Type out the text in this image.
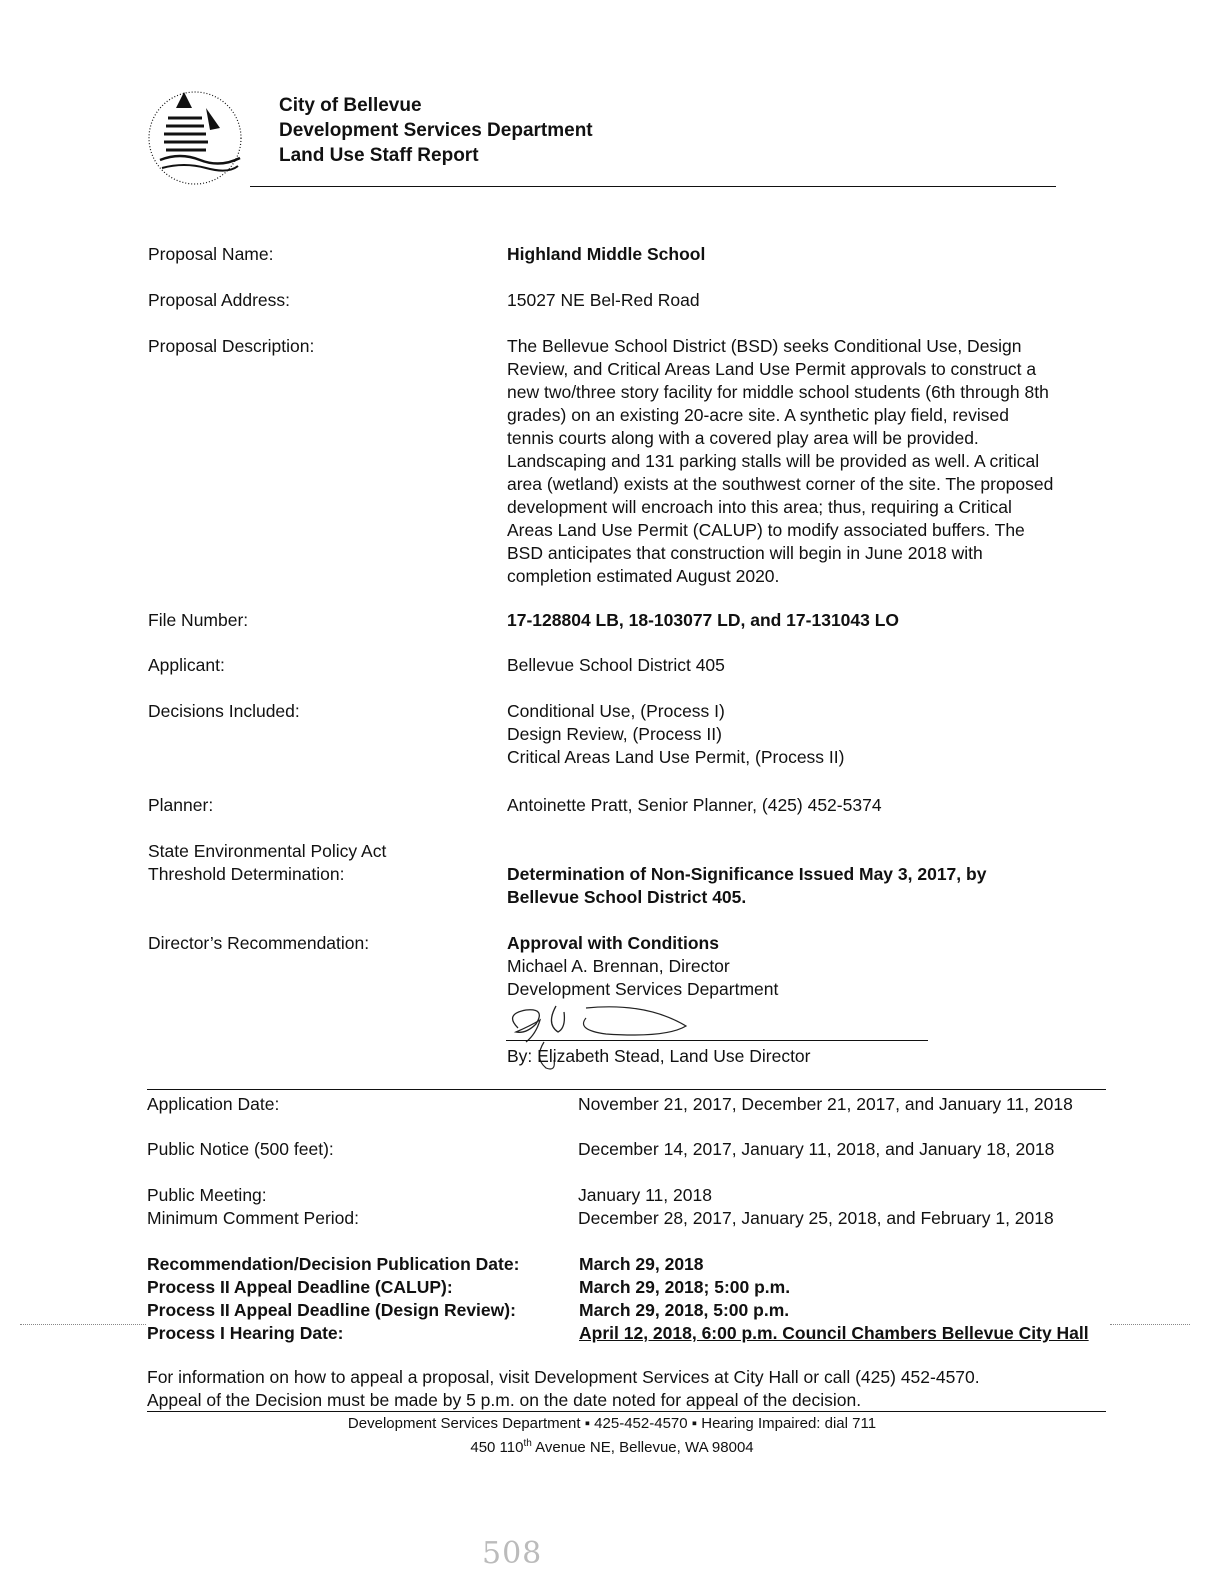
CITY OF BELLEVUE WASHINGTON
City of Bellevue
Development Services Department
Land Use Staff Report
Proposal Name:	Highland Middle School
Proposal Address:	15027 NE Bel-Red Road
Proposal Description:	The Bellevue School District (BSD) seeks Conditional Use, Design
Review, and Critical Areas Land Use Permit approvals to construct a
new two/three story facility for middle school students (6th through 8th
grades) on an existing 20-acre site. A synthetic play field, revised
tennis courts along with a covered play area will be provided.
Landscaping and 131 parking stalls will be provided as well. A critical
area (wetland) exists at the southwest corner of the site. The proposed
development will encroach into this area; thus, requiring a Critical
Areas Land Use Permit (CALUP) to modify associated buffers. The
BSD anticipates that construction will begin in June 2018 with
completion estimated August 2020.
File Number:	17-128804 LB, 18-103077 LD, and 17-131043 LO
Applicant:	Bellevue School District 405
Decisions Included:	Conditional Use, (Process I)
Design Review, (Process II)
Critical Areas Land Use Permit, (Process II)
Planner:	Antoinette Pratt, Senior Planner, (425) 452-5374
State Environmental Policy Act
Threshold Determination:	Determination of Non-Significance Issued May 3, 2017, by
Bellevue School District 405.
Director’s Recommendation:	Approval with Conditions
Michael A. Brennan, Director
Development Services Department
By: Elizabeth Stead, Land Use Director
Application Date:	November 21, 2017, December 21, 2017, and January 11, 2018
Public Notice (500 feet):	December 14, 2017, January 11, 2018, and January 18, 2018
Public Meeting:	January 11, 2018
Minimum Comment Period:	December 28, 2017, January 25, 2018, and February 1, 2018
Recommendation/Decision Publication Date:	March 29, 2018
Process II Appeal Deadline (CALUP):	March 29, 2018; 5:00 p.m.
Process II Appeal Deadline (Design Review):	March 29, 2018, 5:00 p.m.
Process I Hearing Date:	April 12, 2018, 6:00 p.m. Council Chambers Bellevue City Hall
For information on how to appeal a proposal, visit Development Services at City Hall or call (425) 452-4570.
Appeal of the Decision must be made by 5 p.m. on the date noted for appeal of the decision.
Development Services Department ▪ 425-452-4570 ▪ Hearing Impaired: dial 711
450 110th Avenue NE, Bellevue, WA 98004
508
